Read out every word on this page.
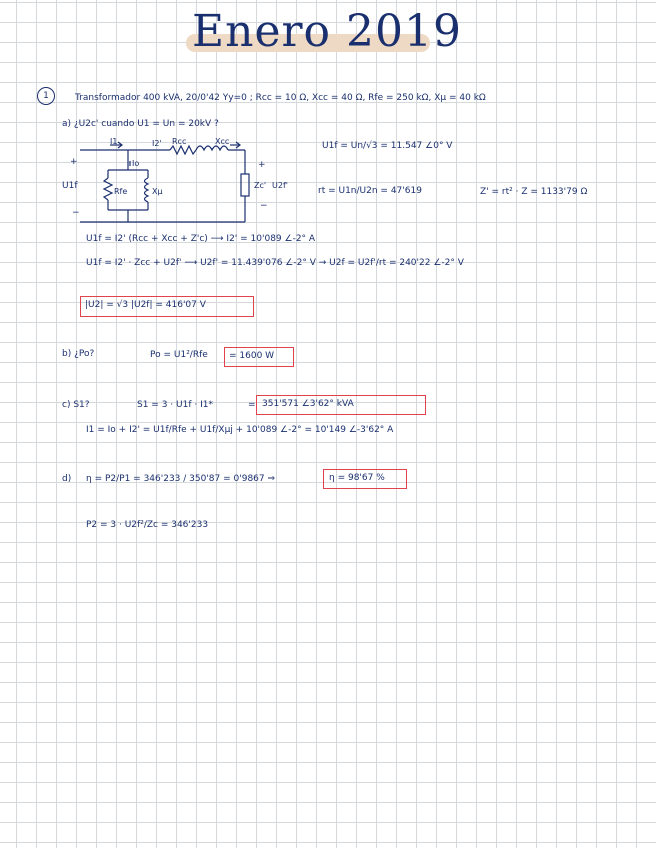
Enero 2019
1	Transformador 400 kVA, 20/0'42 Yy=0 ; Rcc = 10 Ω, Xcc = 40 Ω, Rfe = 250 kΩ, Xμ = 40 kΩ
a) ¿U2c' cuando U1 = Un = 20kV ?
I1	I2' Rcc	Xcc
Io
+
U1f
−
Rfe	Xμ
+
Zc' U2f'
−
U1f = Un/√3 = 11.547 ∠0° V
rt = U1n/U2n = 47'619	Z' = rt² · Z = 1133'79 Ω
U1f = I2' (Rcc + Xcc + Z'c) ⟶ I2' = 10'089 ∠-2° A
U1f = I2' · Zcc + U2f' ⟶ U2f' = 11.439'076 ∠-2° V → U2f = U2f'/rt = 240'22 ∠-2° V
|U2| = √3 |U2f| = 416'07 V
b) ¿Po?	Po = U1²/Rfe = 1600 W
c) S1?	S1 = 3 · U1f · I1*	= 351'571 ∠3'62° kVA
I1 = Io + I2' = U1f/Rfe + U1f/Xμj + 10'089 ∠-2° = 10'149 ∠-3'62° A
d) η = P2/P1 = 346'233 / 350'87 = 0'9867 ⇒	η = 98'67 %
P2 = 3 · U2f²/Zc = 346'233
